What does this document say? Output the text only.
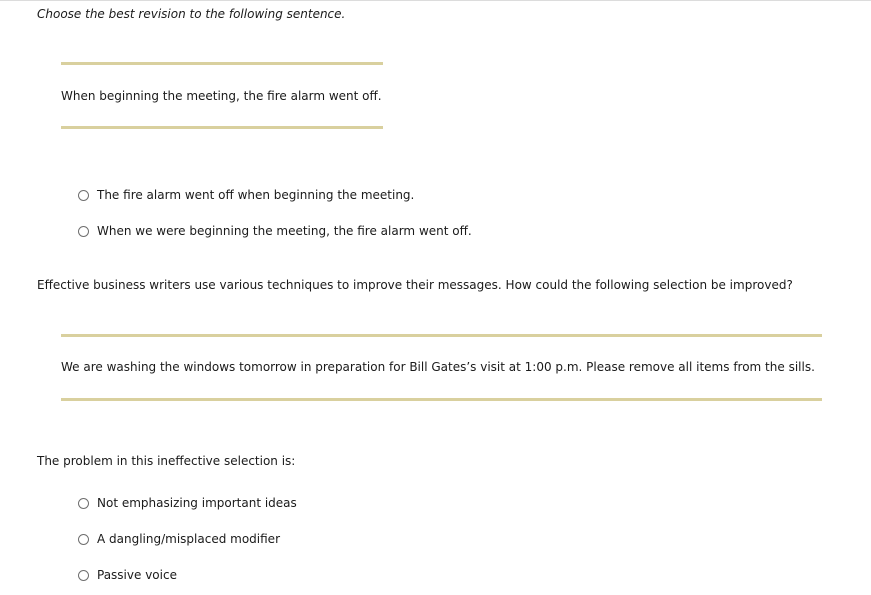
Choose the best revision to the following sentence.
When beginning the meeting, the fire alarm went off.
The fire alarm went off when beginning the meeting.
When we were beginning the meeting, the fire alarm went off.
Effective business writers use various techniques to improve their messages. How could the following selection be improved?
We are washing the windows tomorrow in preparation for Bill Gates’s visit at 1:00 p.m. Please remove all items from the sills.
The problem in this ineffective selection is:
Not emphasizing important ideas
A dangling/misplaced modifier
Passive voice
